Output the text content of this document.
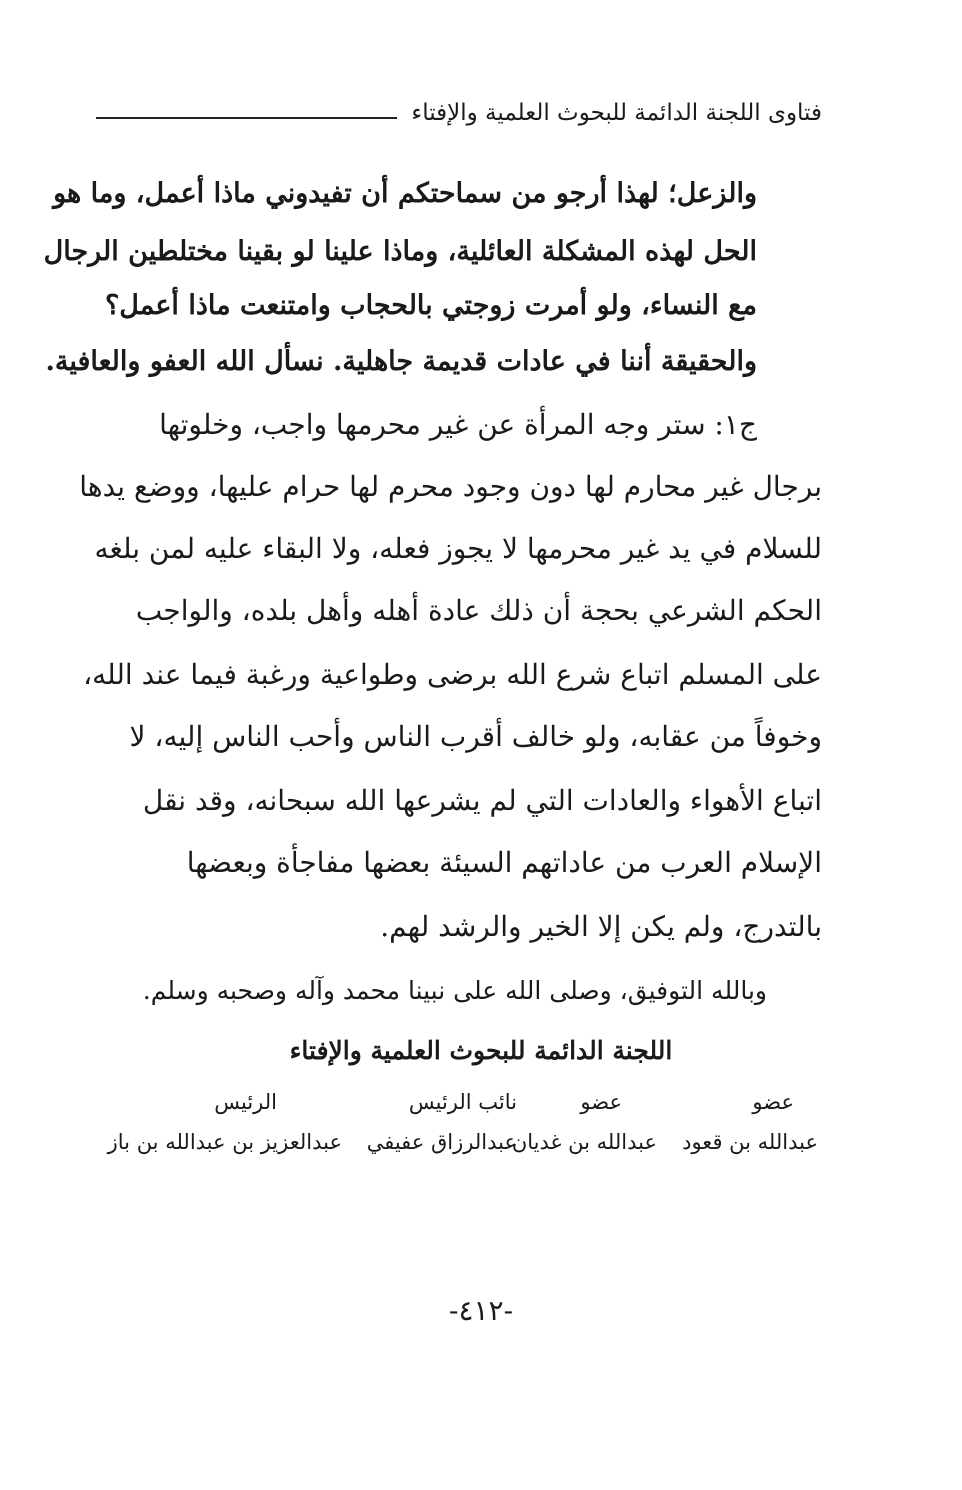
فتاوى اللجنة الدائمة للبحوث العلمية والإفتاء
والزعل؛ لهذا أرجو من سماحتكم أن تفيدوني ماذا أعمل، وما هو
الحل لهذه المشكلة العائلية، وماذا علينا لو بقينا مختلطين الرجال
مع النساء، ولو أمرت زوجتي بالحجاب وامتنعت ماذا أعمل؟
والحقيقة أننا في عادات قديمة جاهلية. نسأل الله العفو والعافية.
ج١: ستر وجه المرأة عن غير محرمها واجب، وخلوتها
برجال غير محارم لها دون وجود محرم لها حرام عليها، ووضع يدها
للسلام في يد غير محرمها لا يجوز فعله، ولا البقاء عليه لمن بلغه
الحكم الشرعي بحجة أن ذلك عادة أهله وأهل بلده، والواجب
على المسلم اتباع شرع الله برضى وطواعية ورغبة فيما عند الله،
وخوفاً من عقابه، ولو خالف أقرب الناس وأحب الناس إليه، لا
اتباع الأهواء والعادات التي لم يشرعها الله سبحانه، وقد نقل
الإسلام العرب من عاداتهم السيئة بعضها مفاجأة وبعضها
بالتدرج، ولم يكن إلا الخير والرشد لهم.
وبالله التوفيق، وصلى الله على نبينا محمد وآله وصحبه وسلم.
اللجنة الدائمة للبحوث العلمية والإفتاء
عضو
عضو
نائب الرئيس
الرئيس
عبدالله بن قعود
عبدالله بن غديان
عبدالرزاق عفيفي
عبدالعزيز بن عبدالله بن باز
-٤١٢-
